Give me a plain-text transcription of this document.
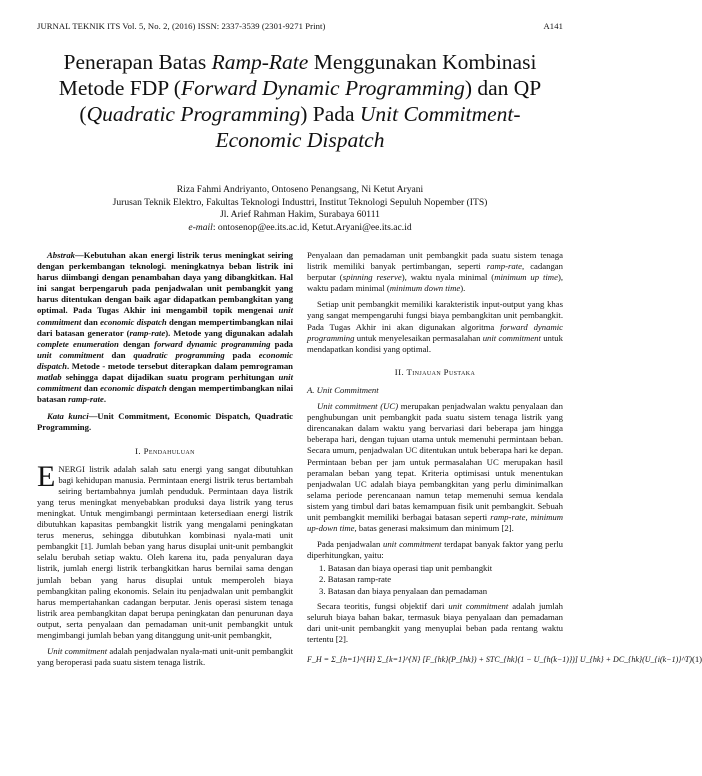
JURNAL TEKNIK ITS Vol. 5, No. 2, (2016) ISSN: 2337-3539 (2301-9271 Print)	A141
Penerapan Batas Ramp-Rate Menggunakan Kombinasi Metode FDP (Forward Dynamic Programming) dan QP (Quadratic Programming) Pada Unit Commitment-Economic Dispatch

Riza Fahmi Andriyanto, Ontoseno Penangsang, Ni Ketut Aryani

Jurusan Teknik Elektro, Fakultas Teknologi Industtri, Institut Teknologi Sepuluh Nopember (ITS)

Jl. Arief Rahman Hakim, Surabaya 60111

e-mail: ontosenop@ee.its.ac.id, Ketut.Aryani@ee.its.ac.id

Abstrak—Kebutuhan akan energi listrik terus meningkat seiring dengan perkembangan teknologi. meningkatnya beban listrik ini harus diimbangi dengan penambahan daya yang dibangkitkan. Hal ini sangat berpengaruh pada penjadwalan unit pembangkit yang harus ditentukan dengan baik agar didapatkan pembangkitan yang optimal. Pada Tugas Akhir ini mengambil topik mengenai unit commitment dan economic dispatch dengan mempertimbangkan nilai dari batasan generator (ramp-rate). Metode yang digunakan adalah complete enumeration dengan forward dynamic programming pada unit commitment dan quadratic programming pada economic dispatch. Metode - metode tersebut diterapkan dalam pemrograman matlab sehingga dapat dijadikan suatu program perhitungan unit commitment dan economic dispatch dengan mempertimbangkan nilai batasan ramp-rate.

Kata kunci—Unit Commitment, Economic Dispatch, Quadratic Programming.

I. Pendahuluan

ENERGI listrik adalah salah satu energi yang sangat dibutuhkan bagi kehidupan manusia. Permintaan energi listrik terus bertambah seiring bertambahnya jumlah penduduk. Permintaan daya listrik yang terus meningkat menyebabkan produksi daya listrik yang terus meningkat. Untuk mengimbangi permintaan ketersediaan energi listrik dibutuhkan kapasitas pembangkit listrik yang mengalami peningkatan terus menerus, sehingga dibutuhkan kombinasi nyala-mati unit pembangkit [1]. Jumlah beban yang harus disuplai unit-unit pembangkit selalu berubah setiap waktu. Oleh karena itu, pada penyaluran daya listrik, jumlah energi listrik terbangkitkan harus bernilai sama dengan jumlah beban yang harus disuplai untuk memperoleh biaya pembangkitan paling ekonomis. Selain itu penjadwalan unit pembangkit harus mempertahankan cadangan berputar. Jenis operasi sistem tenaga listrik area pembangkitan dapat berupa peningkatan dan penurunan daya output, serta penyalaan dan pemadaman unit-unit pembangkit untuk mengimbangi jumlah beban yang ditanggung unit-unit pembangkit,

Unit commitment adalah penjadwalan nyala-mati unit-unit pembangkit yang beroperasi pada suatu sistem tenaga listrik.

Penyalaan dan pemadaman unit pembangkit pada suatu sistem tenaga listrik memiliki banyak pertimbangan, seperti ramp-rate, cadangan berputar (spinning reserve), waktu nyala minimal (minimum up time), waktu padam minimal (minimum down time).

Setiap unit pembangkit memiliki karakteristik input-output yang khas yang sangat mempengaruhi fungsi biaya pembangkitan unit pembangkit. Pada Tugas Akhir ini akan digunakan algoritma forward dynamic programming untuk menyelesaikan permasalahan unit commitment untuk mendapatkan kondisi yang optimal.

II. Tinjauan Pustaka
A. Unit Commitment

Unit commitment (UC) merupakan penjadwalan waktu penyalaan dan penghubungan unit pembangkit pada suatu sistem tenaga listrik yang direncanakan dalam waktu yang bervariasi dari beberapa jam hingga beberapa hari, dengan tujuan utama untuk memenuhi permintaan beban. Secara umum, penjadwalan UC ditentukan untuk beberapa hari ke depan. Permintaan beban per jam untuk permasalahan UC merupakan hasil peramalan beban yang tepat. Kriteria optimisasi untuk menentukan penjadwalan UC adalah biaya pembangkitan yang perlu diminimalkan selama periode perencanaan namun tetap memenuhi semua kendala sistem yang timbul dari batas kemampuan fisik unit pembangkit. Sebuah unit pembangkit memiliki berbagai batasan seperti ramp-rate, minimum up-down time, batas generasi maksimum dan minimum [2].

Pada penjadwalan unit commitment terdapat banyak faktor yang perlu diperhitungkan, yaitu:

1. Batasan dan biaya operasi tiap unit pembangkit
2. Batasan ramp-rate
3. Batasan dan biaya penyalaan dan pemadaman

Secara teoritis, fungsi objektif dari unit commitment adalah jumlah seluruh biaya bahan bakar, termasuk biaya penyalaan dan pemadaman dari unit-unit pembangkit yang menyuplai beban pada rentang waktu tertentu [2].

F_H = Σ_{h=1}^{H} Σ_{k=1}^{N} [F_{hk}(P_{hk}) + STC_{hk}(1 − U_{h(k−1)})] U_{hk} + DC_{hk}(U_{i(k−1)}^T) (1)
